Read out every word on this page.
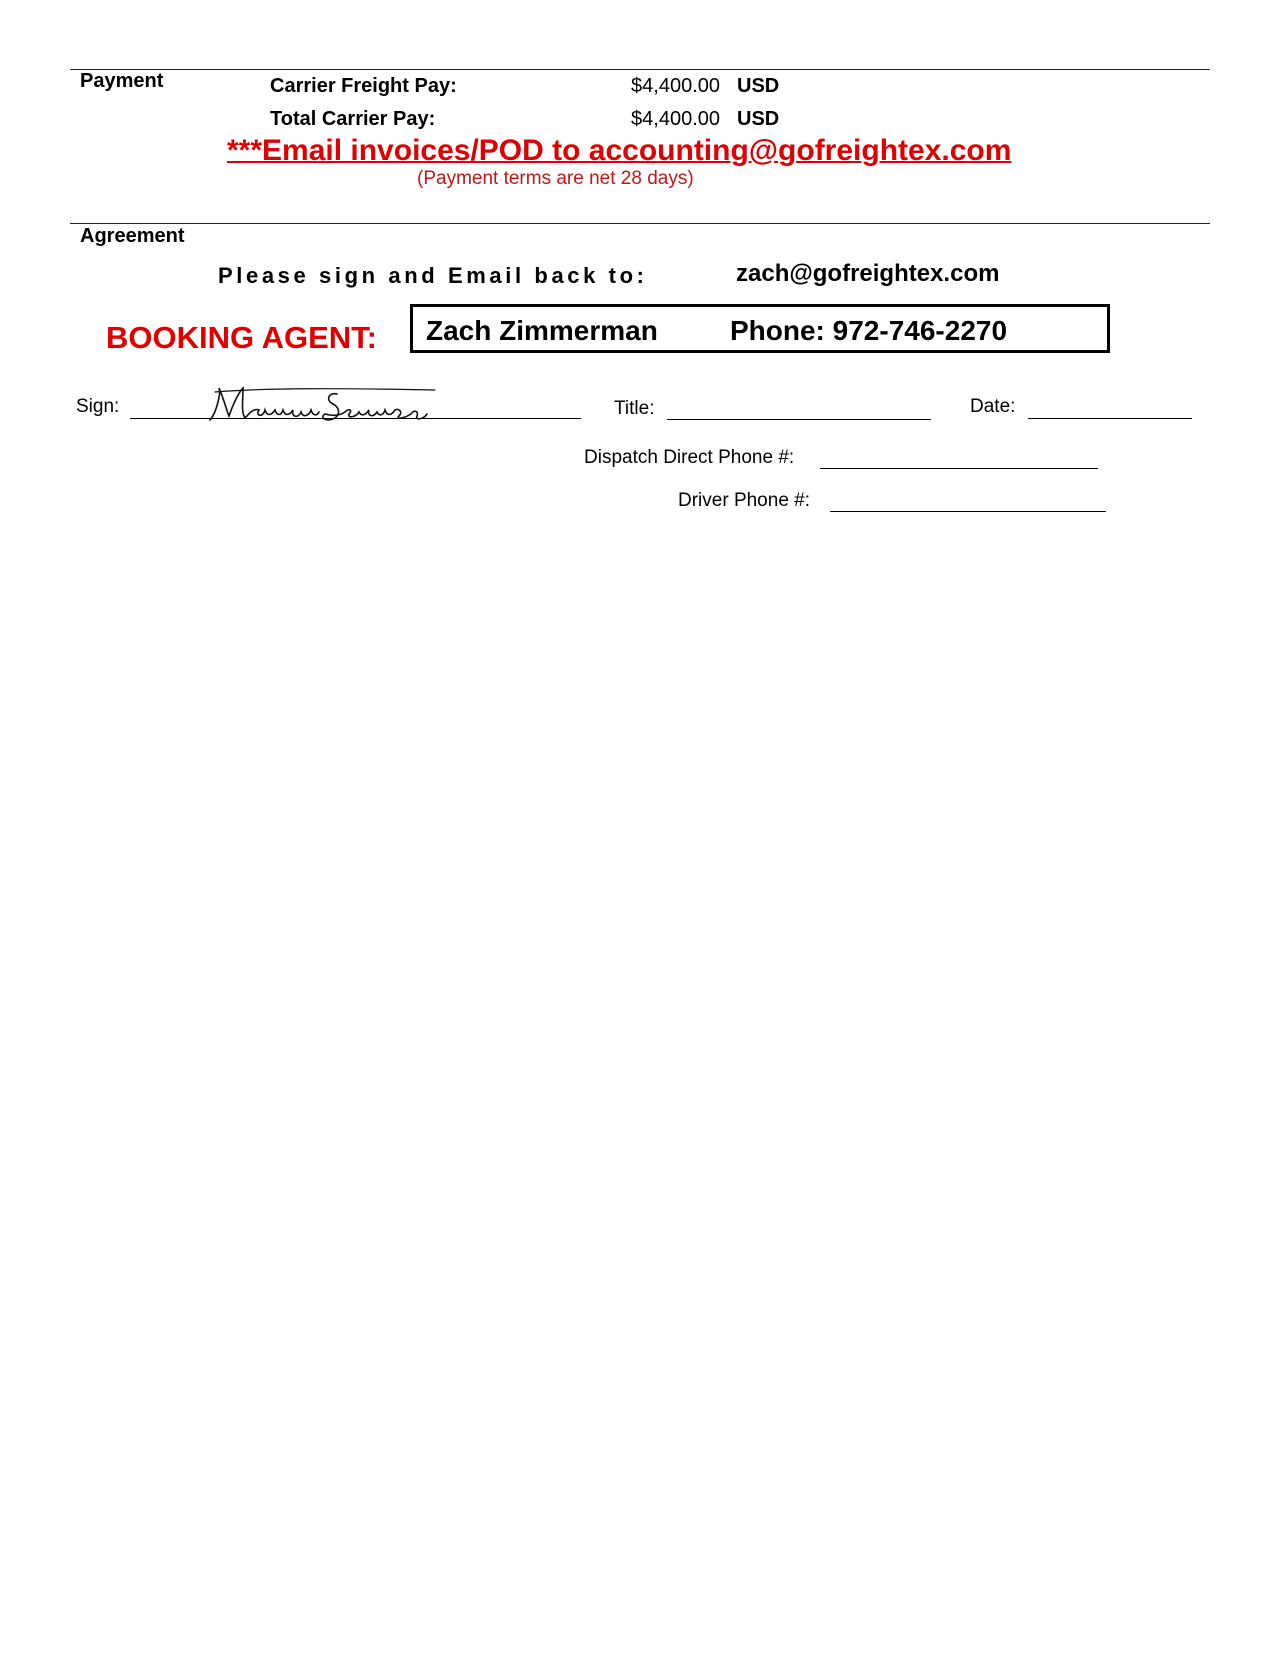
Payment	Carrier Freight Pay:	$4,400.00 USD
Total Carrier Pay:	$4,400.00 USD
***Email invoices/POD to accounting@gofreightex.com
(Payment terms are net 28 days)
Agreement
Please sign and Email back to:	zach@gofreightex.com
BOOKING AGENT: Zach Zimmerman	Phone: 972-746-2270
Sign:	Title:	Date:
Dispatch Direct Phone #:
Driver Phone #:
